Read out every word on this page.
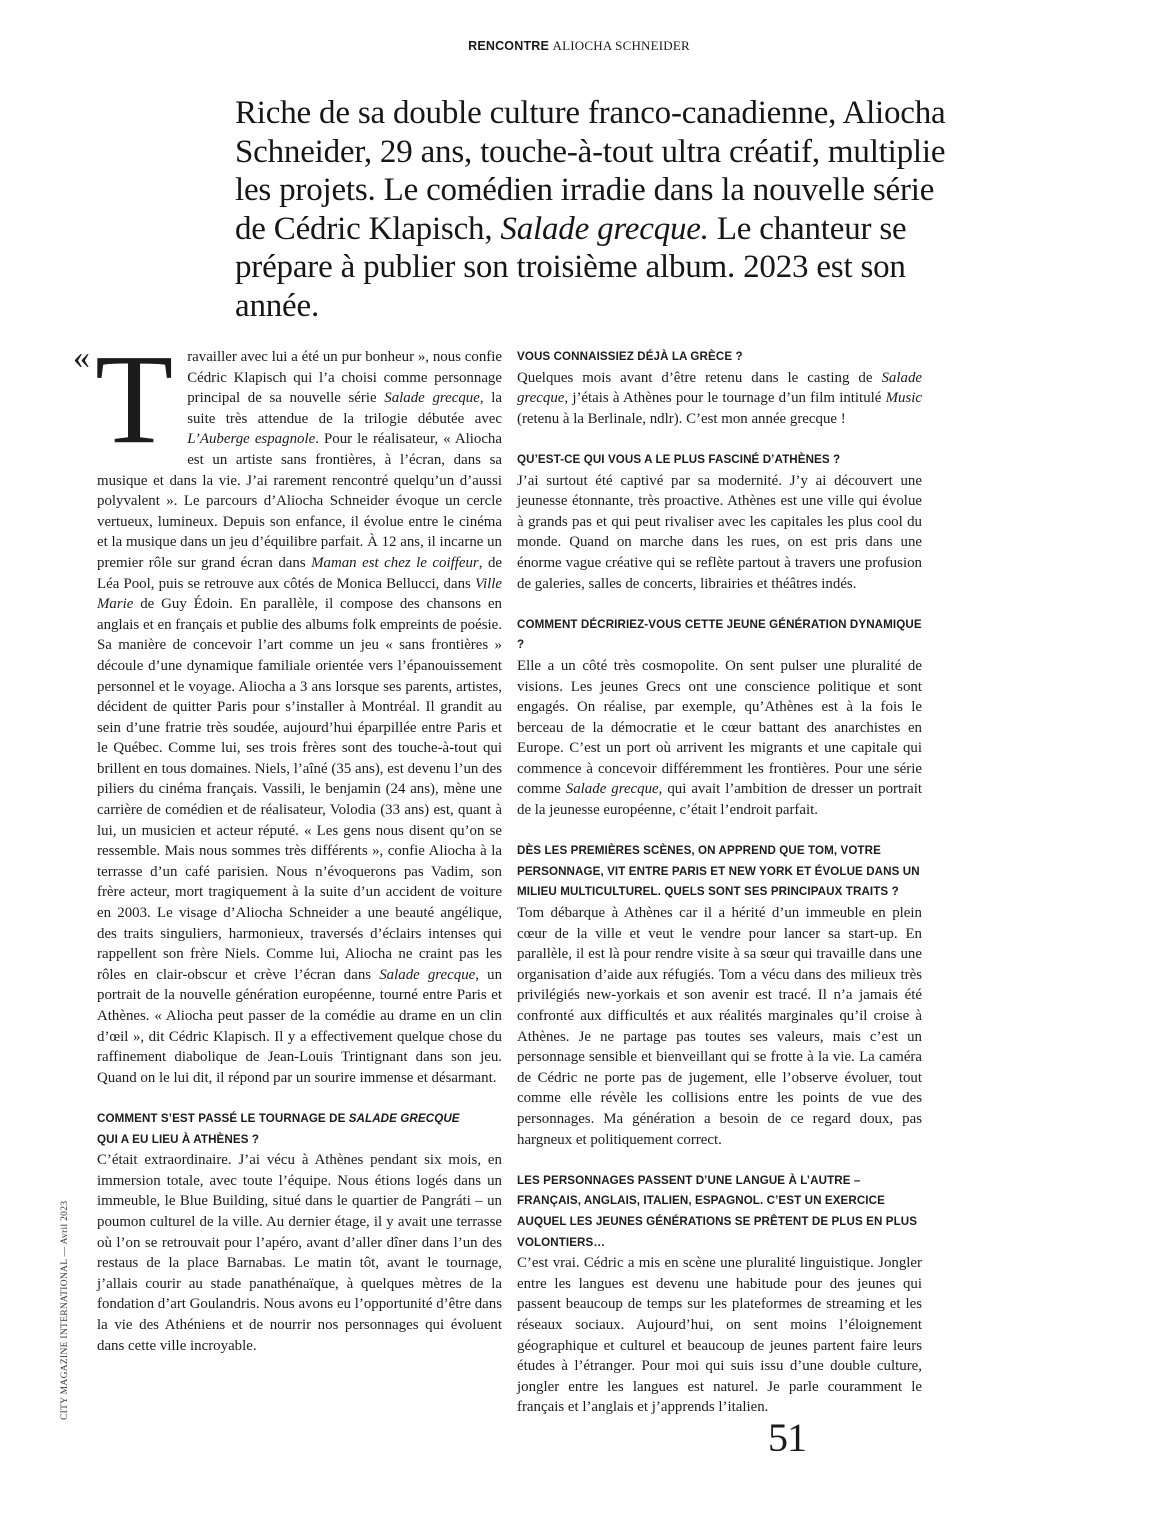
RENCONTRE ALIOCHA SCHNEIDER

Riche de sa double culture franco-canadienne, Aliocha Schneider, 29 ans, touche-à-tout ultra créatif, multiplie les projets. Le comédien irradie dans la nouvelle série de Cédric Klapisch, Salade grecque. Le chanteur se prépare à publier son troisième album. 2023 est son année.

« T ravailler avec lui a été un pur bonheur », nous confie Cédric Klapisch qui l’a choisi comme personnage principal de sa nouvelle série Salade grecque, la suite très attendue de la trilogie débutée avec L’Auberge espagnole. Pour le réalisateur, « Aliocha est un artiste sans frontières, à l’écran, dans sa musique et dans la vie. J’ai rarement rencontré quelqu’un d’aussi polyvalent ». Le parcours d’Aliocha Schneider évoque un cercle vertueux, lumineux. Depuis son enfance, il évolue entre le cinéma et la musique dans un jeu d’équilibre parfait. À 12 ans, il incarne un premier rôle sur grand écran dans Maman est chez le coiffeur, de Léa Pool, puis se retrouve aux côtés de Monica Bellucci, dans Ville Marie de Guy Édoin. En parallèle, il compose des chansons en anglais et en français et publie des albums folk empreints de poésie. Sa manière de concevoir l’art comme un jeu « sans frontières » découle d’une dynamique familiale orientée vers l’épanouissement personnel et le voyage. Aliocha a 3 ans lorsque ses parents, artistes, décident de quitter Paris pour s’installer à Montréal. Il grandit au sein d’une fratrie très soudée, aujourd’hui éparpillée entre Paris et le Québec. Comme lui, ses trois frères sont des touche-à-tout qui brillent en tous domaines. Niels, l’aîné (35 ans), est devenu l’un des piliers du cinéma français. Vassili, le benjamin (24 ans), mène une carrière de comédien et de réalisateur, Volodia (33 ans) est, quant à lui, un musicien et acteur réputé. « Les gens nous disent qu’on se ressemble. Mais nous sommes très différents », confie Aliocha à la terrasse d’un café parisien. Nous n’évoquerons pas Vadim, son frère acteur, mort tragiquement à la suite d’un accident de voiture en 2003. Le visage d’Aliocha Schneider a une beauté angélique, des traits singuliers, harmonieux, traversés d’éclairs intenses qui rappellent son frère Niels. Comme lui, Aliocha ne craint pas les rôles en clair-obscur et crève l’écran dans Salade grecque, un portrait de la nouvelle génération européenne, tourné entre Paris et Athènes. « Aliocha peut passer de la comédie au drame en un clin d’œil », dit Cédric Klapisch. Il y a effectivement quelque chose du raffinement diabolique de Jean-Louis Trintignant dans son jeu. Quand on le lui dit, il répond par un sourire immense et désarmant.

COMMENT S’EST PASSÉ LE TOURNAGE DE SALADE GRECQUE
QUI A EU LIEU À ATHÈNES ?

C’était extraordinaire. J’ai vécu à Athènes pendant six mois, en immersion totale, avec toute l’équipe. Nous étions logés dans un immeuble, le Blue Building, situé dans le quartier de Pangráti – un poumon culturel de la ville. Au dernier étage, il y avait une terrasse où l’on se retrouvait pour l’apéro, avant d’aller dîner dans l’un des restaus de la place Barnabas. Le matin tôt, avant le tournage, j’allais courir au stade panathénaïque, à quelques mètres de la fondation d’art Goulandris. Nous avons eu l’opportunité d’être dans la vie des Athéniens et de nourrir nos personnages qui évoluent dans cette ville incroyable.

VOUS CONNAISSIEZ DÉJÀ LA GRÈCE ?

Quelques mois avant d’être retenu dans le casting de Salade grecque, j’étais à Athènes pour le tournage d’un film intitulé Music (retenu à la Berlinale, ndlr). C’est mon année grecque !

QU’EST-CE QUI VOUS A LE PLUS FASCINÉ D’ATHÈNES ?

J’ai surtout été captivé par sa modernité. J’y ai découvert une jeunesse étonnante, très proactive. Athènes est une ville qui évolue à grands pas et qui peut rivaliser avec les capitales les plus cool du monde. Quand on marche dans les rues, on est pris dans une énorme vague créative qui se reflète partout à travers une profusion de galeries, salles de concerts, librairies et théâtres indés.

COMMENT DÉCRIRIEZ-VOUS CETTE JEUNE GÉNÉRATION DYNAMIQUE ?

Elle a un côté très cosmopolite. On sent pulser une pluralité de visions. Les jeunes Grecs ont une conscience politique et sont engagés. On réalise, par exemple, qu’Athènes est à la fois le berceau de la démocratie et le cœur battant des anarchistes en Europe. C’est un port où arrivent les migrants et une capitale qui commence à concevoir différemment les frontières. Pour une série comme Salade grecque, qui avait l’ambition de dresser un portrait de la jeunesse européenne, c’était l’endroit parfait.

DÈS LES PREMIÈRES SCÈNES, ON APPREND QUE TOM, VOTRE PERSONNAGE, VIT ENTRE PARIS ET NEW YORK ET ÉVOLUE DANS UN MILIEU MULTICULTUREL. QUELS SONT SES PRINCIPAUX TRAITS ?

Tom débarque à Athènes car il a hérité d’un immeuble en plein cœur de la ville et veut le vendre pour lancer sa start-up. En parallèle, il est là pour rendre visite à sa sœur qui travaille dans une organisation d’aide aux réfugiés. Tom a vécu dans des milieux très privilégiés new-yorkais et son avenir est tracé. Il n’a jamais été confronté aux difficultés et aux réalités marginales qu’il croise à Athènes. Je ne partage pas toutes ses valeurs, mais c’est un personnage sensible et bienveillant qui se frotte à la vie. La caméra de Cédric ne porte pas de jugement, elle l’observe évoluer, tout comme elle révèle les collisions entre les points de vue des personnages. Ma génération a besoin de ce regard doux, pas hargneux et politiquement correct.

LES PERSONNAGES PASSENT D’UNE LANGUE À L’AUTRE – FRANÇAIS, ANGLAIS, ITALIEN, ESPAGNOL. C’EST UN EXERCICE AUQUEL LES JEUNES GÉNÉRATIONS SE PRÊTENT DE PLUS EN PLUS VOLONTIERS…

C’est vrai. Cédric a mis en scène une pluralité linguistique. Jongler entre les langues est devenu une habitude pour des jeunes qui passent beaucoup de temps sur les plateformes de streaming et les réseaux sociaux. Aujourd’hui, on sent moins l’éloignement géographique et culturel et beaucoup de jeunes partent faire leurs études à l’étranger. Pour moi qui suis issu d’une double culture, jongler entre les langues est naturel. Je parle couramment le français et l’anglais et j’apprends l’italien.

CITY MAGAZINE INTERNATIONAL — Avril 2023
51
